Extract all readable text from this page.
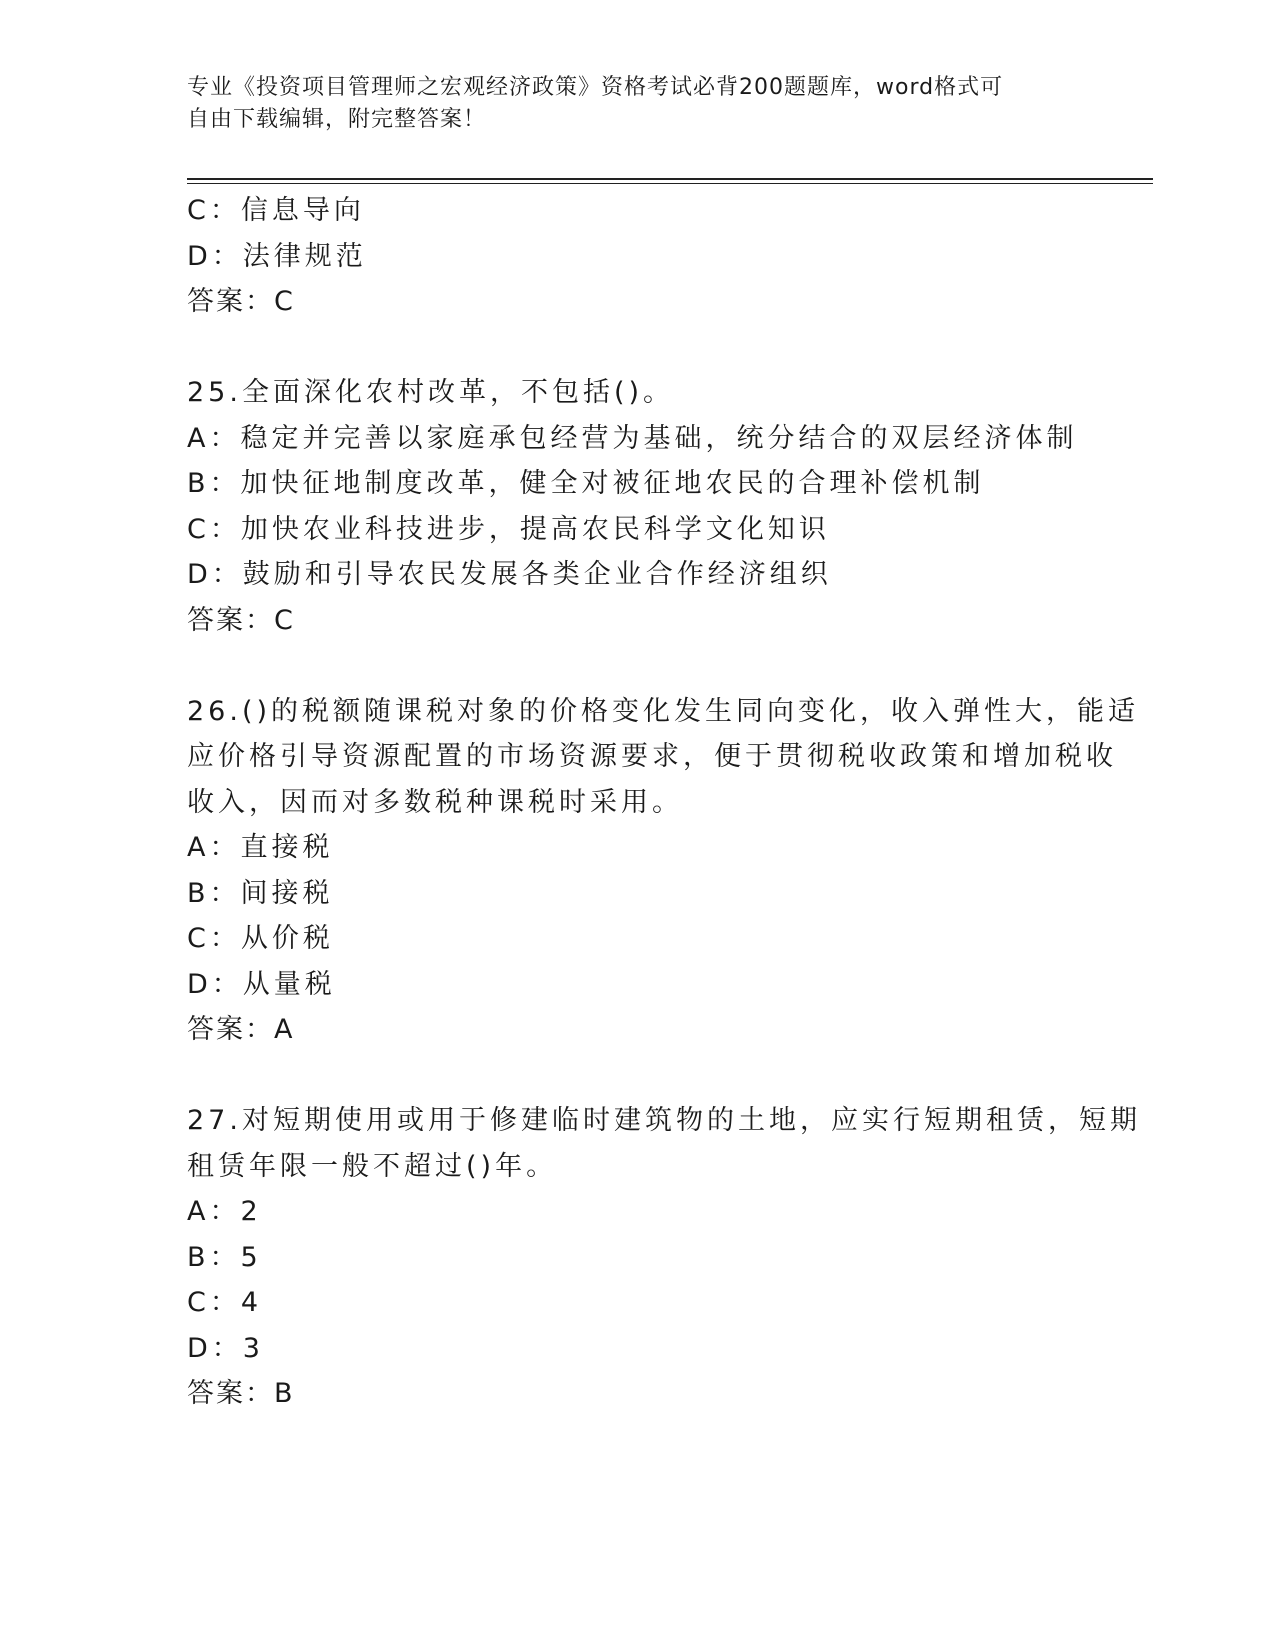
专业《投资项目管理师之宏观经济政策》资格考试必背200题题库，word格式可
自由下载编辑，附完整答案！
C：信息导向
D：法律规范
答案：C
25.全面深化农村改革，不包括()。
A：稳定并完善以家庭承包经营为基础，统分结合的双层经济体制
B：加快征地制度改革，健全对被征地农民的合理补偿机制
C：加快农业科技进步，提高农民科学文化知识
D：鼓励和引导农民发展各类企业合作经济组织
答案：C
26.()的税额随课税对象的价格变化发生同向变化，收入弹性大，能适
应价格引导资源配置的市场资源要求，便于贯彻税收政策和增加税收
收入，因而对多数税种课税时采用。
A：直接税
B：间接税
C：从价税
D：从量税
答案：A
27.对短期使用或用于修建临时建筑物的土地，应实行短期租赁，短期
租赁年限一般不超过()年。
A：2
B：5
C：4
D：3
答案：B
